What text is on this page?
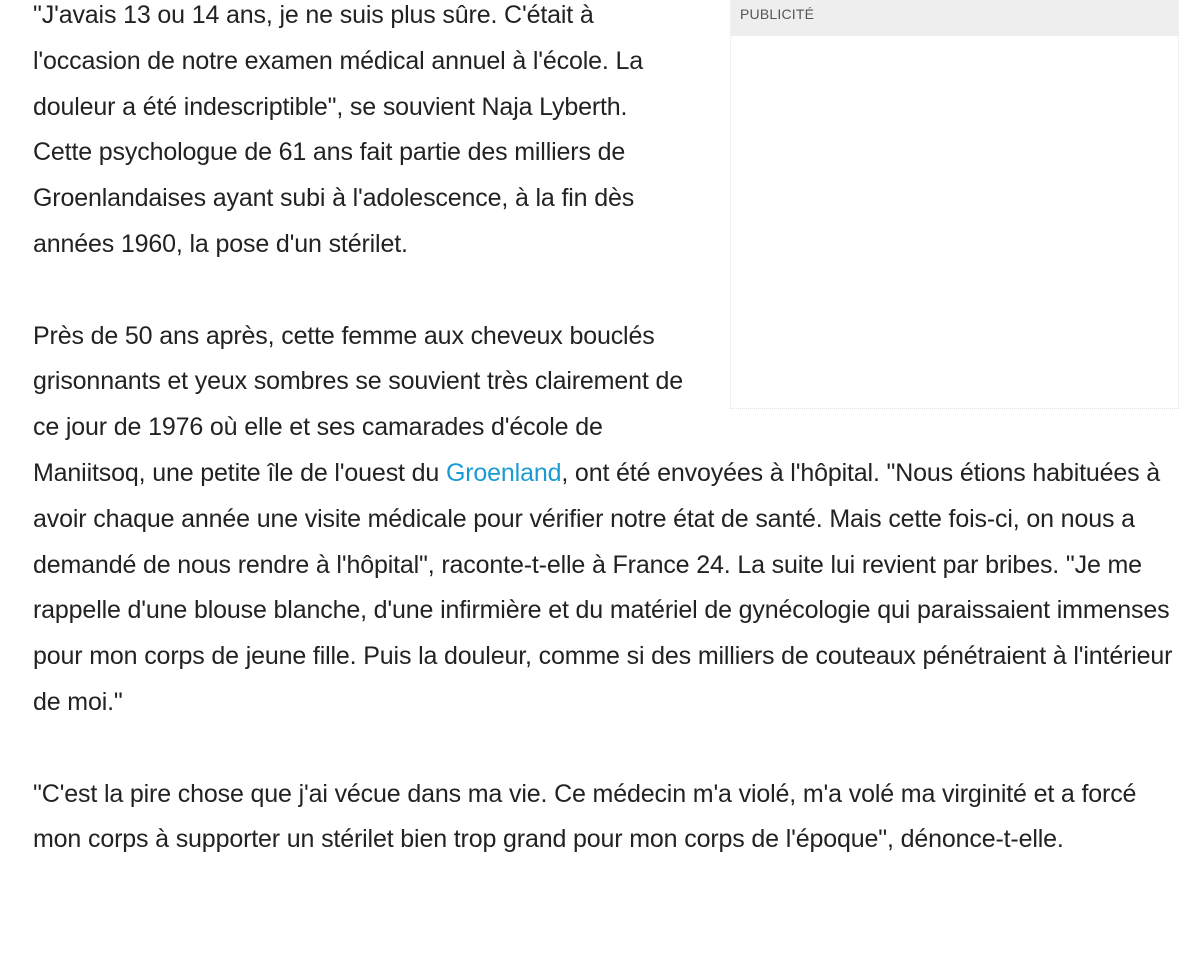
PUBLICITÉ

"J'avais 13 ou 14 ans, je ne suis plus sûre. C'était à l'occasion de notre examen médical annuel à l'école. La douleur a été indescriptible", se souvient Naja Lyberth. Cette psychologue de 61 ans fait partie des milliers de Groenlandaises ayant subi à l'adolescence, à la fin dès années 1960, la pose d'un stérilet.

Près de 50 ans après, cette femme aux cheveux bouclés grisonnants et yeux sombres se souvient très clairement de ce jour de 1976 où elle et ses camarades d'école de Maniitsoq, une petite île de l'ouest du Groenland, ont été envoyées à l'hôpital. "Nous étions habituées à avoir chaque année une visite médicale pour vérifier notre état de santé. Mais cette fois-ci, on nous a demandé de nous rendre à l'hôpital", raconte-t-elle à France 24. La suite lui revient par bribes. "Je me rappelle d'une blouse blanche, d'une infirmière et du matériel de gynécologie qui paraissaient immenses pour mon corps de jeune fille. Puis la douleur, comme si des milliers de couteaux pénétraient à l'intérieur de moi."

"C'est la pire chose que j'ai vécue dans ma vie. Ce médecin m'a violé, m'a volé ma virginité et a forcé mon corps à supporter un stérilet bien trop grand pour mon corps de l'époque", dénonce-t-elle.
